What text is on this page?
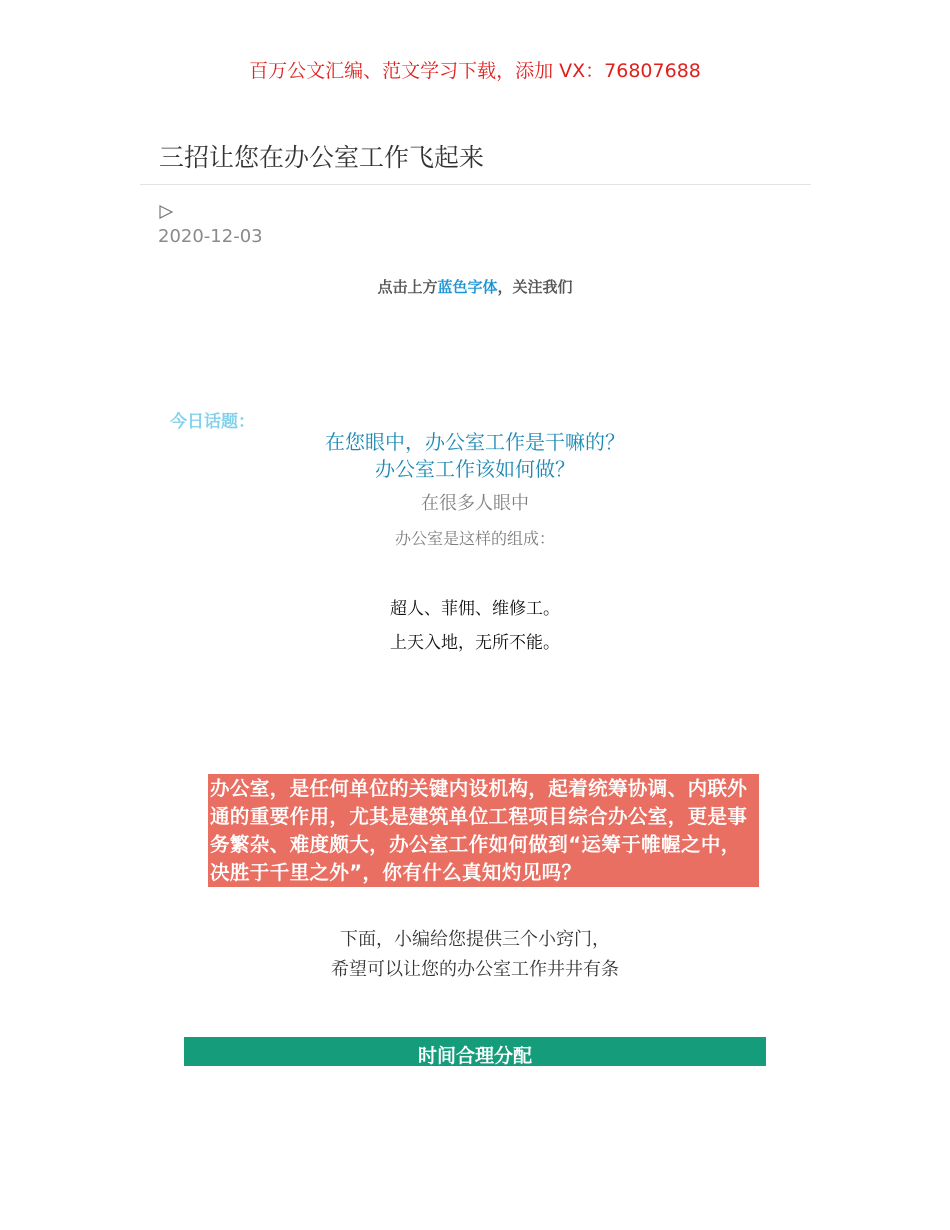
百万公文汇编、范文学习下载，添加 VX：76807688
三招让您在办公室工作飞起来
2020-12-03
点击上方蓝色字体，关注我们
今日话题：
在您眼中，办公室工作是干嘛的？
办公室工作该如何做？
在很多人眼中
办公室是这样的组成：
超人、菲佣、维修工。
上天入地，无所不能。
办公室，是任何单位的关键内设机构，起着统筹协调、内联外通的重要作用，尤其是建筑单位工程项目综合办公室，更是事务繁杂、难度颇大，办公室工作如何做到“运筹于帷幄之中，决胜于千里之外”，你有什么真知灼见吗？
下面，小编给您提供三个小窍门，
希望可以让您的办公室工作井井有条
时间合理分配
